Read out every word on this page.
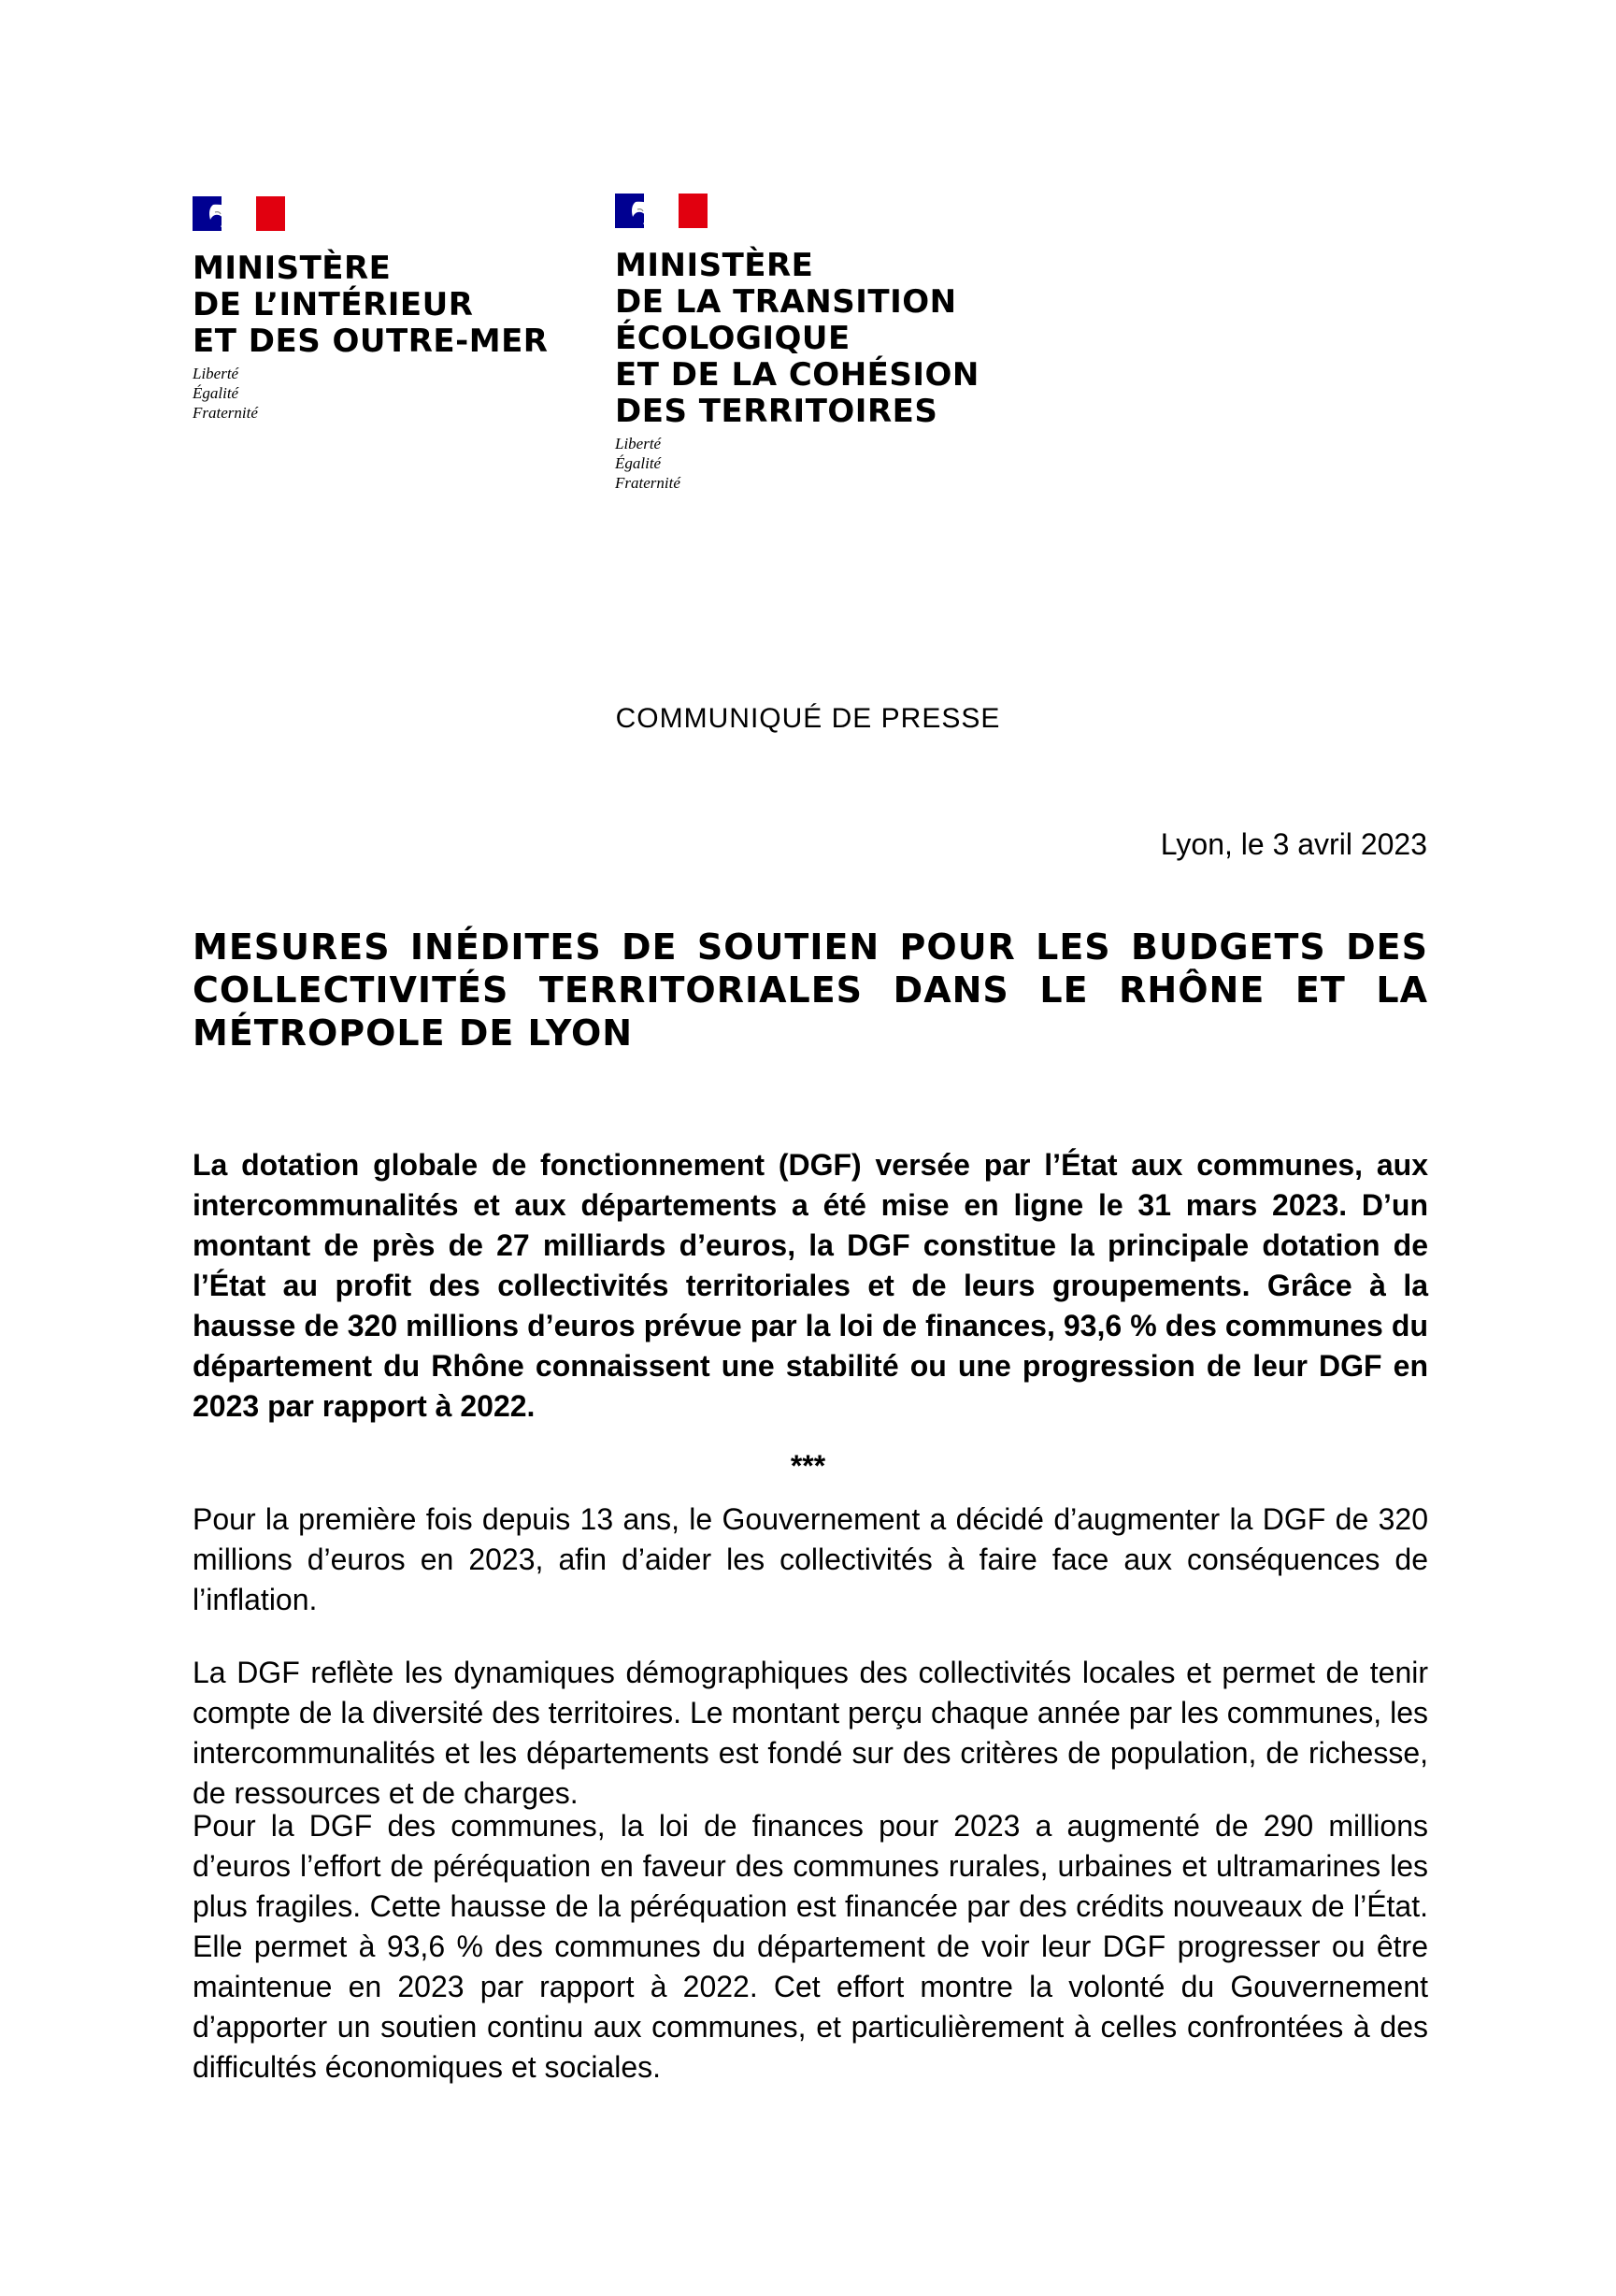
MINISTÈRE
DE L’INTÉRIEUR
ET DES OUTRE-MER
Liberté
Égalité
Fraternité
MINISTÈRE
DE LA TRANSITION
ÉCOLOGIQUE
ET DE LA COHÉSION
DES TERRITOIRES
Liberté
Égalité
Fraternité
COMMUNIQUÉ DE PRESSE
Lyon, le 3 avril 2023
MESURES INÉDITES DE SOUTIEN POUR LES BUDGETS DES COLLECTIVITÉS TERRITORIALES DANS LE RHÔNE ET LA MÉTROPOLE DE LYON

La dotation globale de fonctionnement (DGF) versée par l’État aux communes, aux intercommunalités et aux départements a été mise en ligne le 31 mars 2023. D’un montant de près de 27 milliards d’euros, la DGF constitue la principale dotation de l’État au profit des collectivités territoriales et de leurs groupements. Grâce à la hausse de 320 millions d’euros prévue par la loi de finances, 93,6 % des communes du département du Rhône connaissent une stabilité ou une progression de leur DGF en 2023 par rapport à 2022.

***

Pour la première fois depuis 13 ans, le Gouvernement a décidé d’augmenter la DGF de 320 millions d’euros en 2023, afin d’aider les collectivités à faire face aux conséquences de l’inflation.

La DGF reflète les dynamiques démographiques des collectivités locales et permet de tenir compte de la diversité des territoires. Le montant perçu chaque année par les communes, les intercommunalités et les départements est fondé sur des critères de population, de richesse, de ressources et de charges.

Pour la DGF des communes, la loi de finances pour 2023 a augmenté de 290 millions d’euros l’effort de péréquation en faveur des communes rurales, urbaines et ultramarines les plus fragiles. Cette hausse de la péréquation est financée par des crédits nouveaux de l’État. Elle permet à 93,6 % des communes du département de voir leur DGF progresser ou être maintenue en 2023 par rapport à 2022. Cet effort montre la volonté du Gouvernement d’apporter un soutien continu aux communes, et particulièrement à celles confrontées à des difficultés économiques et sociales.
